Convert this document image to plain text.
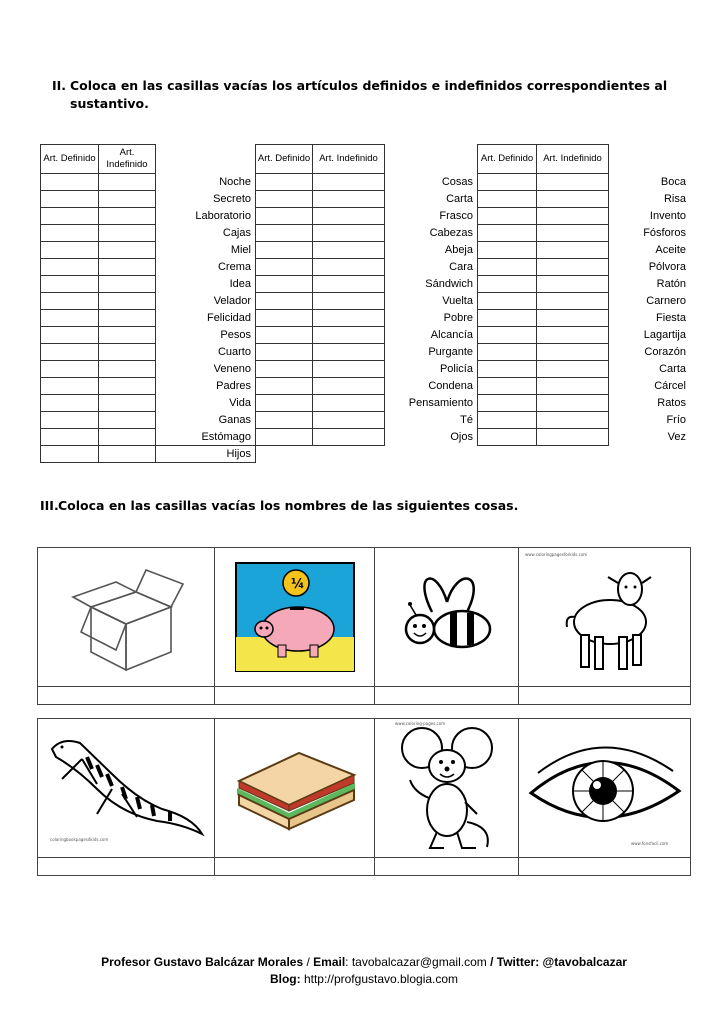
II. Coloca en las casillas vacías los artículos definidos e indefinidos correspondientes al sustantivo.
Art. Definido	Art. Indefinido		Art. Definido	Art. Indefinido		Art. Definido	Art. Indefinido	
		Noche			Cosas			Boca
		Secreto			Carta			Risa
		Laboratorio			Frasco			Invento
		Cajas			Cabezas			Fósforos
		Miel			Abeja			Aceite
		Crema			Cara			Pólvora
		Idea			Sándwich			Ratón
		Velador			Vuelta			Carnero
		Felicidad			Pobre			Fiesta
		Pesos			Alcancía			Lagartija
		Cuarto			Purgante			Corazón
		Veneno			Policía			Carta
		Padres			Condena			Cárcel
		Vida			Pensamiento			Ratos
		Ganas			Té			Frío
		Estómago			Ojos			Vez
		Hijos						
III. Coloca en las casillas vacías los nombres de las siguientes cosas.

¼		www.coloringpagesforkids.com

coloringbookpages4kids.com		www.coloring-pages.com	www.fonsfacil.com

Profesor Gustavo Balcázar Morales / Email: tavobalcazar@gmail.com / Twitter: @tavobalcazar
Blog: http://profgustavo.blogia.com
